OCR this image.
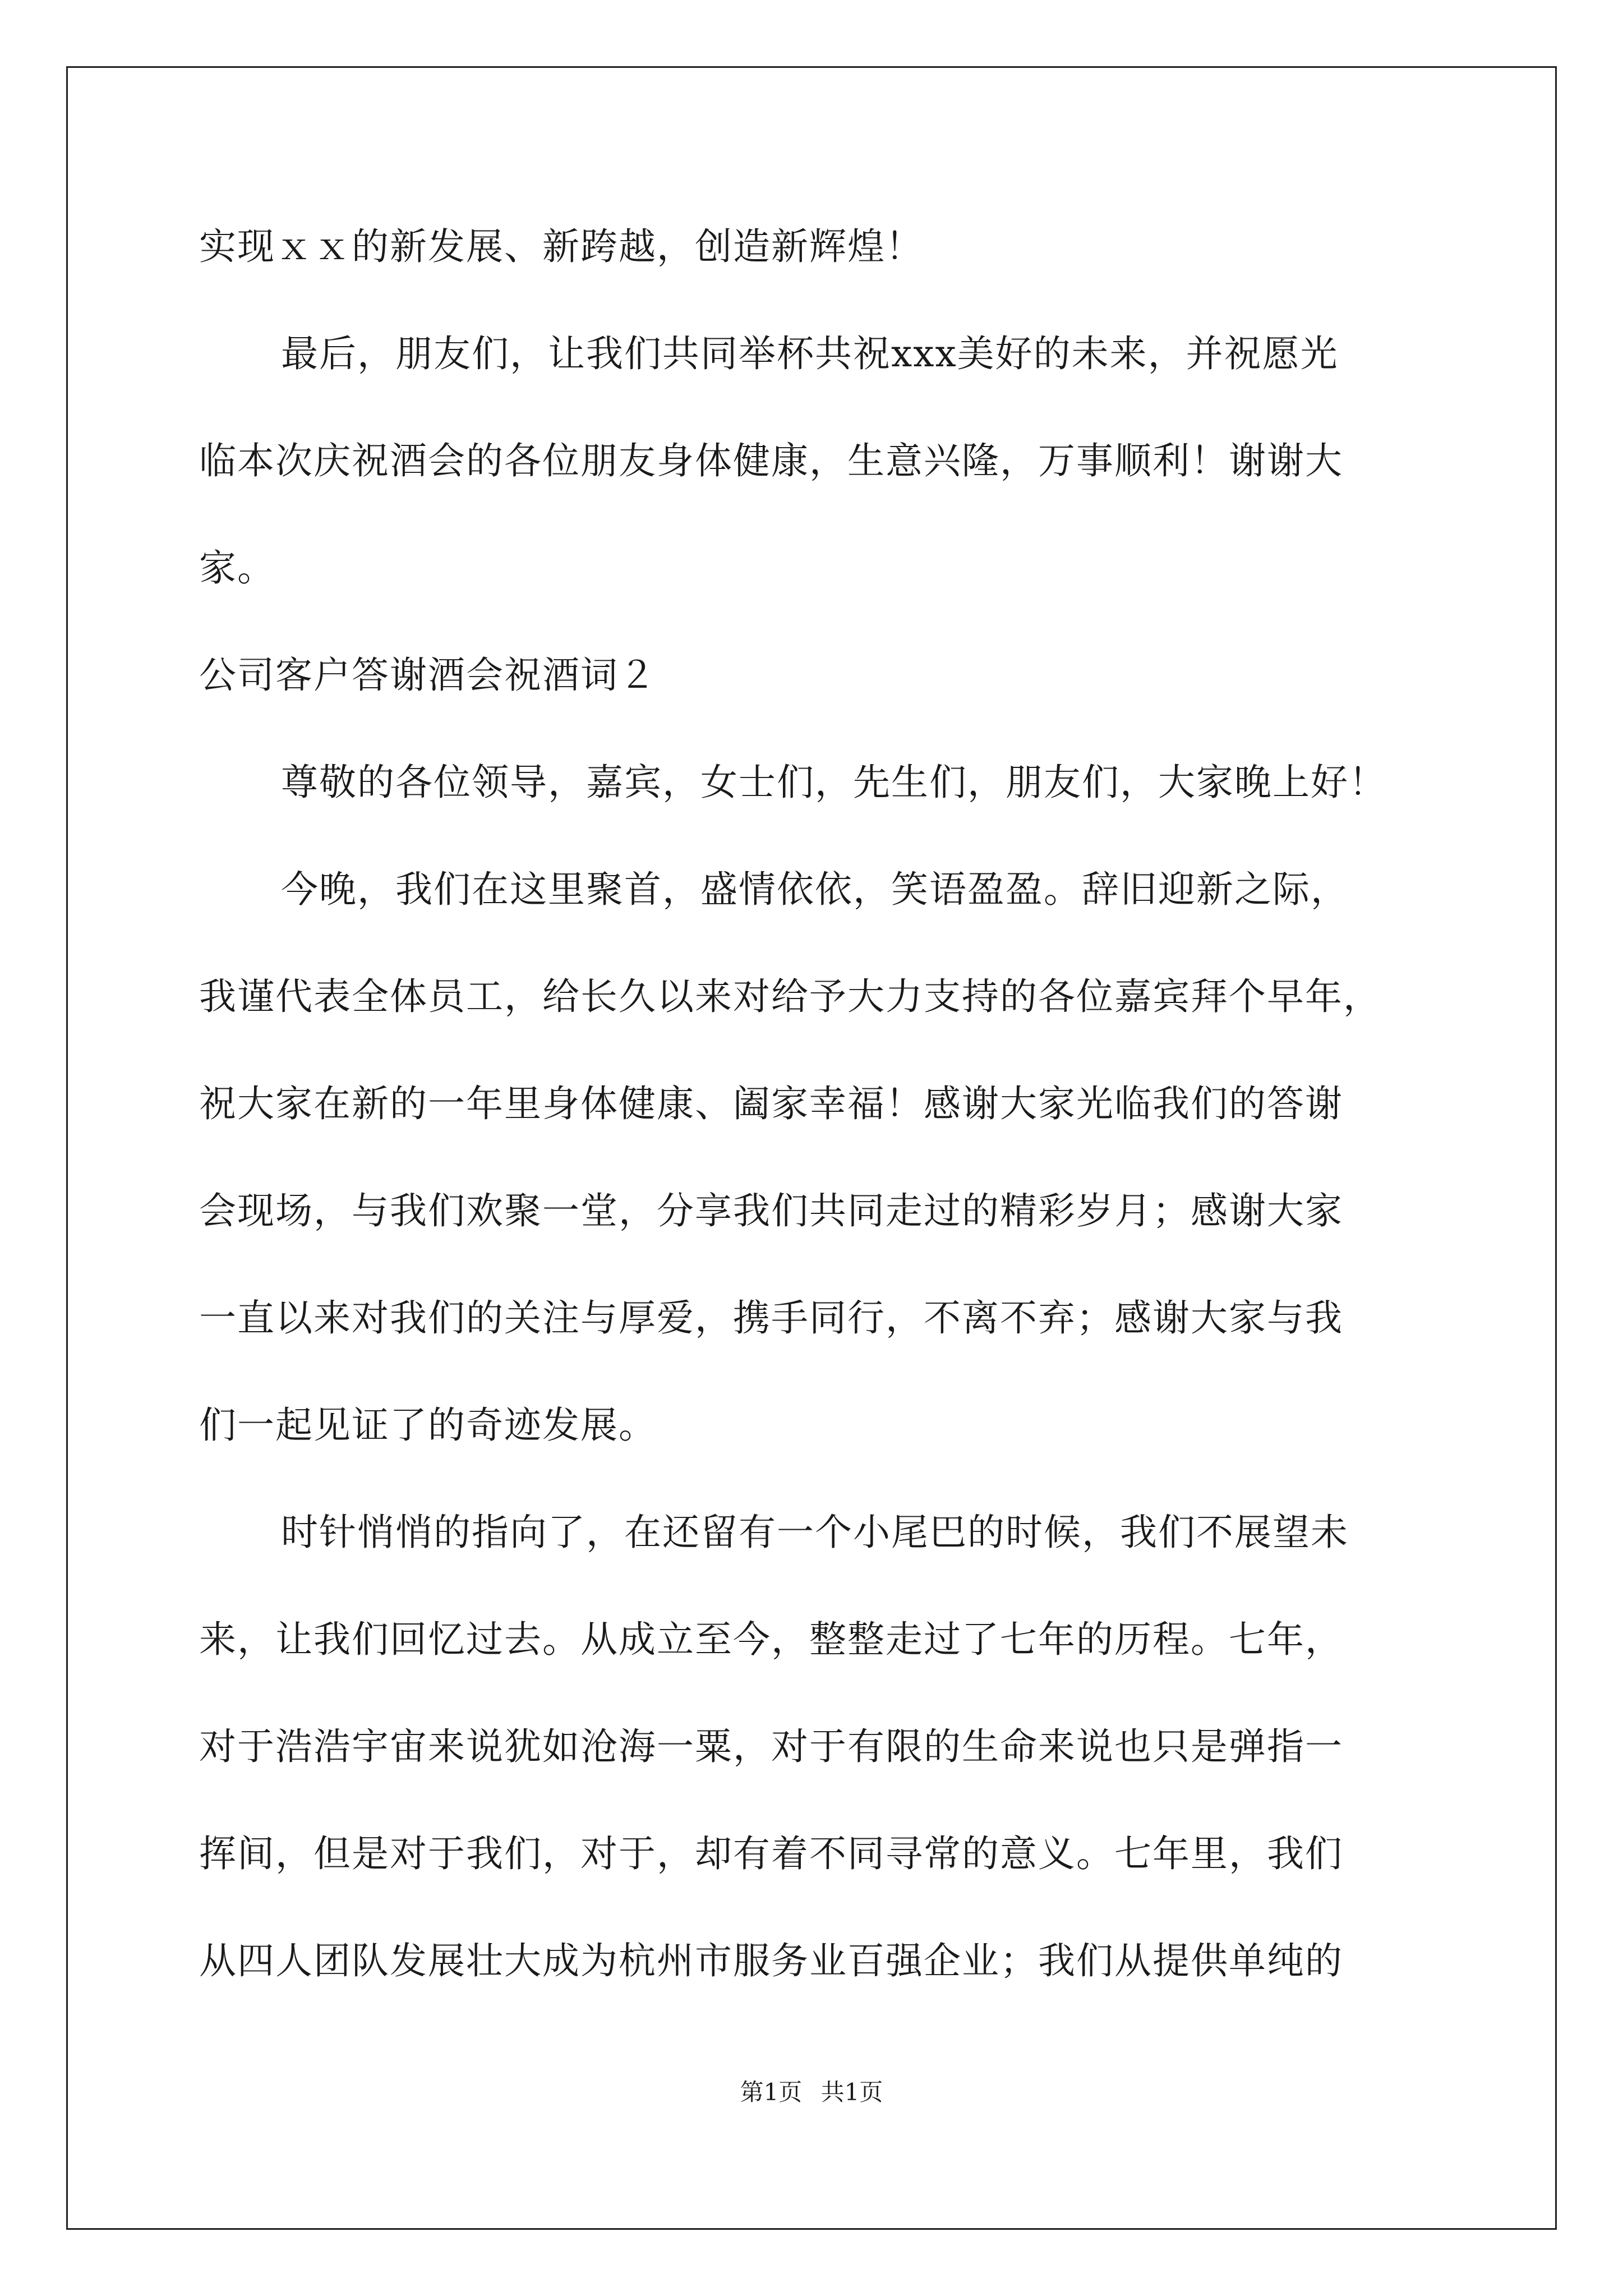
实现ｘｘ的新发展、新跨越，创造新辉煌！
最后，朋友们，让我们共同举杯共祝xxx美好的未来，并祝愿光
临本次庆祝酒会的各位朋友身体健康，生意兴隆，万事顺利！谢谢大
家。
公司客户答谢酒会祝酒词２
尊敬的各位领导，嘉宾，女士们，先生们，朋友们，大家晚上好！
今晚，我们在这里聚首，盛情依依，笑语盈盈。辞旧迎新之际，
我谨代表全体员工，给长久以来对给予大力支持的各位嘉宾拜个早年，
祝大家在新的一年里身体健康、阖家幸福！感谢大家光临我们的答谢
会现场，与我们欢聚一堂，分享我们共同走过的精彩岁月；感谢大家
一直以来对我们的关注与厚爱，携手同行，不离不弃；感谢大家与我
们一起见证了的奇迹发展。
时针悄悄的指向了，在还留有一个小尾巴的时候，我们不展望未
来，让我们回忆过去。从成立至今，整整走过了七年的历程。七年，
对于浩浩宇宙来说犹如沧海一粟，对于有限的生命来说也只是弹指一
挥间，但是对于我们，对于，却有着不同寻常的意义。七年里，我们
从四人团队发展壮大成为杭州市服务业百强企业；我们从提供单纯的
第1页 共1页
